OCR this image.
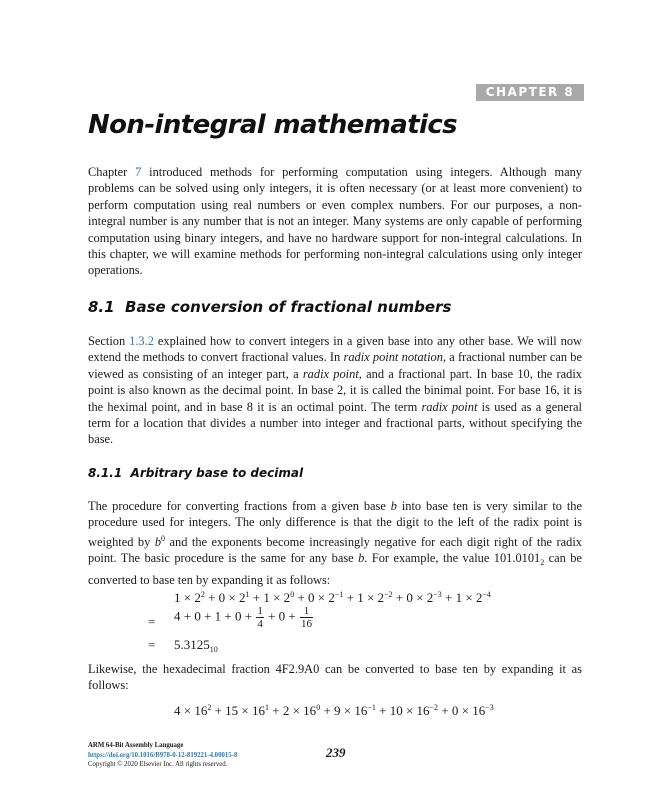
CHAPTER 8
Non-integral mathematics

Chapter 7 introduced methods for performing computation using integers. Although many problems can be solved using only integers, it is often necessary (or at least more convenient) to perform computation using real numbers or even complex numbers. For our purposes, a non-integral number is any number that is not an integer. Many systems are only capable of performing computation using binary integers, and have no hardware support for non-integral calculations. In this chapter, we will examine methods for performing non-integral calculations using only integer operations.

8.1 Base conversion of fractional numbers

Section 1.3.2 explained how to convert integers in a given base into any other base. We will now extend the methods to convert fractional values. In radix point notation, a fractional number can be viewed as consisting of an integer part, a radix point, and a fractional part. In base 10, the radix point is also known as the decimal point. In base 2, it is called the binimal point. For base 16, it is the heximal point, and in base 8 it is an octimal point. The term radix point is used as a general term for a location that divides a number into integer and fractional parts, without specifying the base.

8.1.1 Arbitrary base to decimal

The procedure for converting fractions from a given base b into base ten is very similar to the procedure used for integers. The only difference is that the digit to the left of the radix point is weighted by $b^0$ and the exponents become increasingly negative for each digit right of the radix point. The basic procedure is the same for any base b. For example, the value $101.0101_2$ can be converted to base ten by expanding it as follows:

$1 \times 2^2 + 0 \times 2^1 + 1 \times 2^0 + 0 \times 2^{-1} + 1 \times 2^{-2} + 0 \times 2^{-3} + 1 \times 2^{-4}$
= $4 + 0 + 1 + 0 + \frac{1}{4} + 0 + \frac{1}{16}$
= $5.3125_{10}$

Likewise, the hexadecimal fraction 4F2.9A0 can be converted to base ten by expanding it as follows:

$4 \times 16^2 + 15 \times 16^1 + 2 \times 16^0 + 9 \times 16^{-1} + 10 \times 16^{-2} + 0 \times 16^{-3}$
ARM 64-Bit Assembly Language
https://doi.org/10.1016/B978-0-12-819221-4.00015-8
Copyright © 2020 Elsevier Inc. All rights reserved.
239
